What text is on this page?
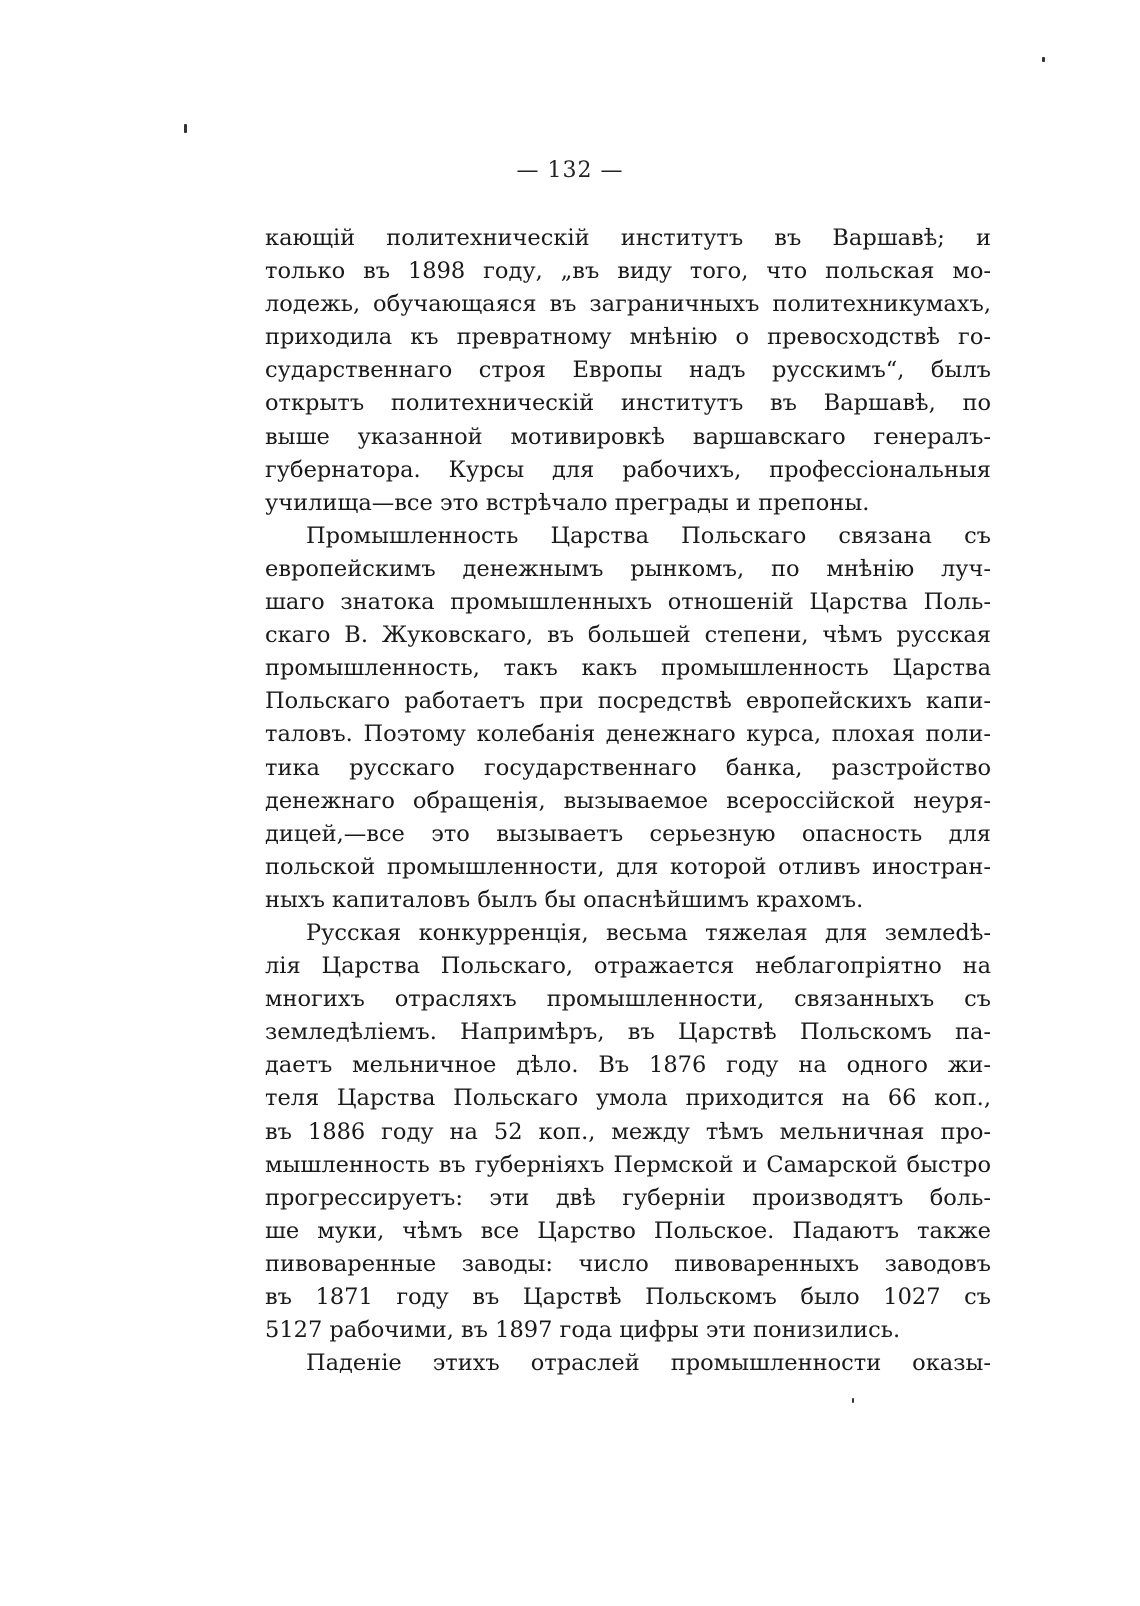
— 132 —
кающій политехническій институтъ въ Варшавѣ; и
только въ 1898 году, „въ виду того, что польская мо-
лодежь, обучающаяся въ заграничныхъ политехникумахъ,
приходила къ превратному мнѣнію о превосходствѣ го-
сударственнаго строя Европы надъ русскимъ“, былъ
открытъ политехническій институтъ въ Варшавѣ, по
выше указанной мотивировкѣ варшавскаго генералъ-
губернатора. Курсы для рабочихъ, профессіональныя
училища—все это встрѣчало преграды и препоны.
Промышленность Царства Польскаго связана съ
европейскимъ денежнымъ рынкомъ, по мнѣнію луч-
шаго знатока промышленныхъ отношеній Царства Поль-
скаго В. Жуковскаго, въ большей степени, чѣмъ русская
промышленность, такъ какъ промышленность Царства
Польскаго работаетъ при посредствѣ европейскихъ капи-
таловъ. Поэтому колебанія денежнаго курса, плохая поли-
тика русскаго государственнаго банка, разстройство
денежнаго обращенія, вызываемое всероссійской неуря-
дицей,—все это вызываетъ серьезную опасность для
польской промышленности, для которой отливъ иностран-
ныхъ капиталовъ былъ бы опаснѣйшимъ крахомъ.
Русская конкурренція, весьма тяжелая для землedѣ-
лія Царства Польскаго, отражается неблагопріятно на
многихъ отрасляхъ промышленности, связанныхъ съ
земледѣліемъ. Напримѣръ, въ Царствѣ Польскомъ па-
даетъ мельничное дѣло. Въ 1876 году на одного жи-
теля Царства Польскаго умола приходится на 66 коп.,
въ 1886 году на 52 коп., между тѣмъ мельничная про-
мышленность въ губерніяхъ Пермской и Самарской быстро
прогрессируетъ: эти двѣ губерніи производятъ боль-
ше муки, чѣмъ все Царство Польское. Падаютъ также
пивоваренные заводы: число пивоваренныхъ заводовъ
въ 1871 году въ Царствѣ Польскомъ было 1027 съ
5127 рабочими, въ 1897 года цифры эти понизились.
Паденіе этихъ отраслей промышленности оказы-
